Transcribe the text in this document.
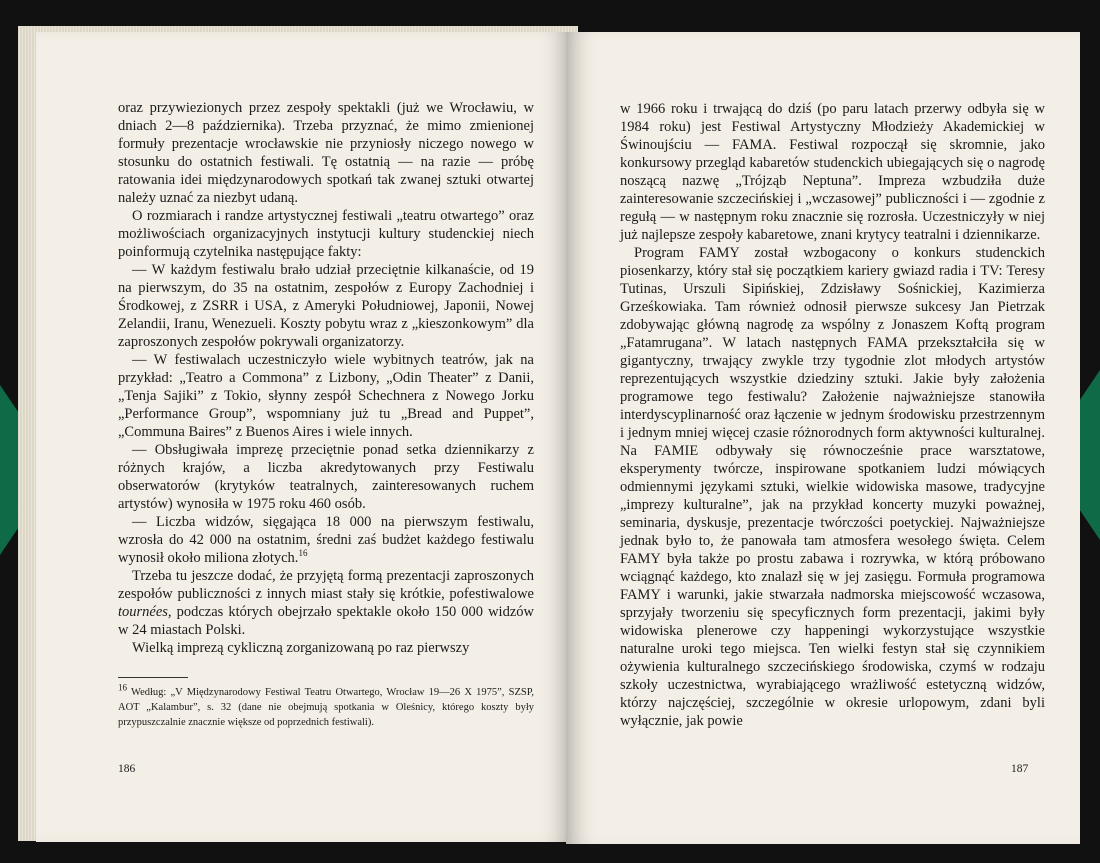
oraz przywiezionych przez zespoły spektakli (już we Wrocławiu, w dniach 2—8 października). Trzeba przyznać, że mimo zmienionej formuły prezentacje wrocławskie nie przyniosły niczego nowego w stosunku do ostatnich festiwali. Tę ostatnią — na razie — próbę ratowania idei międzynarodowych spotkań tak zwanej sztuki otwartej należy uznać za niezbyt udaną.

O rozmiarach i randze artystycznej festiwali „teatru otwartego” oraz możliwościach organizacyjnych instytucji kultury studenckiej niech poinformują czytelnika następujące fakty:

— W każdym festiwalu brało udział przeciętnie kilkanaście, od 19 na pierwszym, do 35 na ostatnim, zespołów z Europy Zachodniej i Środkowej, z ZSRR i USA, z Ameryki Południowej, Japonii, Nowej Zelandii, Iranu, Wenezueli. Koszty pobytu wraz z „kieszonkowym” dla zaproszonych zespołów pokrywali organizatorzy.

— W festiwalach uczestniczyło wiele wybitnych teatrów, jak na przykład: „Teatro a Commona” z Lizbony, „Odin Theater” z Danii, „Tenja Sajiki” z Tokio, słynny zespół Schechnera z Nowego Jorku „Performance Group”, wspomniany już tu „Bread and Puppet”, „Communa Baires” z Buenos Aires i wiele innych.

— Obsługiwała imprezę przeciętnie ponad setka dziennikarzy z różnych krajów, a liczba akredytowanych przy Festiwalu obserwatorów (krytyków teatralnych, zainteresowanych ruchem artystów) wynosiła w 1975 roku 460 osób.

— Liczba widzów, sięgająca 18 000 na pierwszym festiwalu, wzrosła do 42 000 na ostatnim, średni zaś budżet każdego festiwalu wynosił około miliona złotych.$^{16}$

Trzeba tu jeszcze dodać, że przyjętą formą prezentacji zaproszonych zespołów publiczności z innych miast stały się krótkie, pofestiwalowe tournées, podczas których obejrzało spektakle około 150 000 widzów w 24 miastach Polski.

Wielką imprezą cykliczną zorganizowaną po raz pierwszy

16 Według: „V Międzynarodowy Festiwal Teatru Otwartego, Wrocław 19—26 X 1975”, SZSP, AOT „Kalambur”, s. 32 (dane nie obejmują spotkania w Oleśnicy, którego koszty były przypuszczalnie znacznie większe od poprzednich festiwali).
186

w 1966 roku i trwającą do dziś (po paru latach przerwy odbyła się w 1984 roku) jest Festiwal Artystyczny Młodzieży Akademickiej w Świnoujściu — FAMA. Festiwal rozpoczął się skromnie, jako konkursowy przegląd kabaretów studenckich ubiegających się o nagrodę noszącą nazwę „Trójząb Neptuna”. Impreza wzbudziła duże zainteresowanie szczecińskiej i „wczasowej” publiczności i — zgodnie z regułą — w następnym roku znacznie się rozrosła. Uczestniczyły w niej już najlepsze zespoły kabaretowe, znani krytycy teatralni i dziennikarze.

Program FAMY został wzbogacony o konkurs studenckich piosenkarzy, który stał się początkiem kariery gwiazd radia i TV: Teresy Tutinas, Urszuli Sipińskiej, Zdzisławy Sośnickiej, Kazimierza Grześkowiaka. Tam również odnosił pierwsze sukcesy Jan Pietrzak zdobywając główną nagrodę za wspólny z Jonaszem Koftą program „Fatamrugana”. W latach następnych FAMA przekształciła się w gigantyczny, trwający zwykle trzy tygodnie zlot młodych artystów reprezentujących wszystkie dziedziny sztuki. Jakie były założenia programowe tego festiwalu? Założenie najważniejsze stanowiła interdyscyplinarność oraz łączenie w jednym środowisku przestrzennym i jednym mniej więcej czasie różnorodnych form aktywności kulturalnej. Na FAMIE odbywały się równocześnie prace warsztatowe, eksperymenty twórcze, inspirowane spotkaniem ludzi mówiących odmiennymi językami sztuki, wielkie widowiska masowe, tradycyjne „imprezy kulturalne”, jak na przykład koncerty muzyki poważnej, seminaria, dyskusje, prezentacje twórczości poetyckiej. Najważniejsze jednak było to, że panowała tam atmosfera wesołego święta. Celem FAMY była także po prostu zabawa i rozrywka, w którą próbowano wciągnąć każdego, kto znalazł się w jej zasięgu. Formuła programowa FAMY i warunki, jakie stwarzała nadmorska miejscowość wczasowa, sprzyjały tworzeniu się specyficznych form prezentacji, jakimi były widowiska plenerowe czy happeningi wykorzystujące wszystkie naturalne uroki tego miejsca. Ten wielki festyn stał się czynnikiem ożywienia kulturalnego szczecińskiego środowiska, czymś w rodzaju szkoły uczestnictwa, wyrabiającego wrażliwość estetyczną widzów, którzy najczęściej, szczególnie w okresie urlopowym, zdani byli wyłącznie, jak powie

187
